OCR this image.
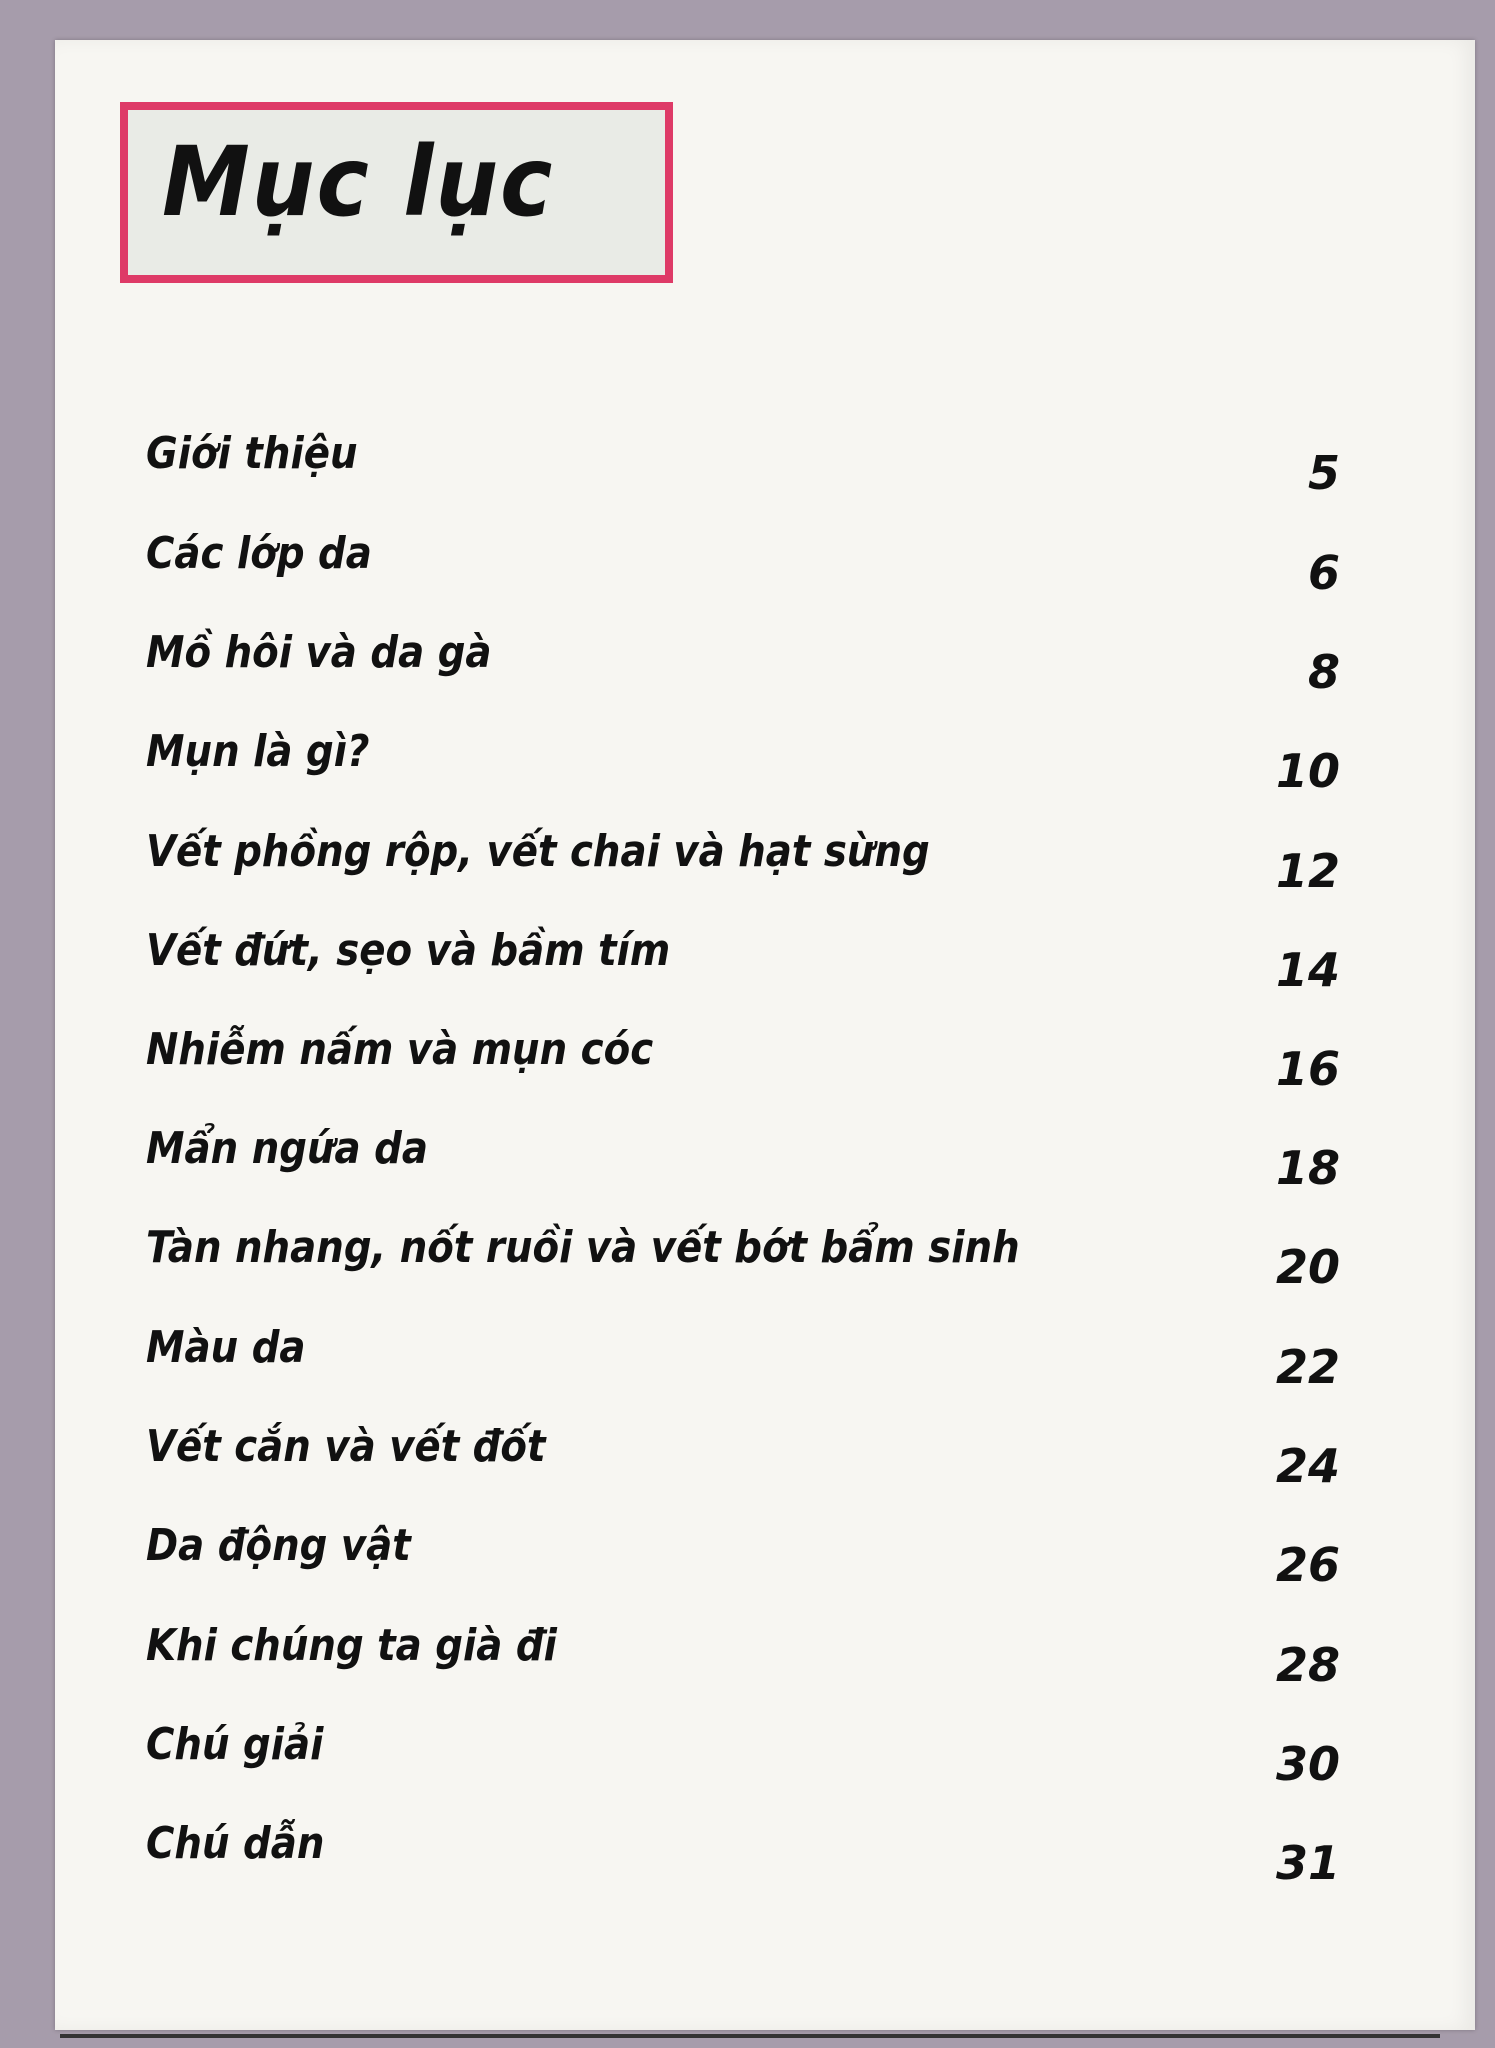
Mục lục
Giới thiệu	5
Các lớp da	6
Mồ hôi và da gà	8
Mụn là gì?	10
Vết phồng rộp, vết chai và hạt sừng	12
Vết đứt, sẹo và bầm tím	14
Nhiễm nấm và mụn cóc	16
Mẩn ngứa da	18
Tàn nhang, nốt ruồi và vết bớt bẩm sinh	20
Màu da	22
Vết cắn và vết đốt	24
Da động vật	26
Khi chúng ta già đi	28
Chú giải	30
Chú dẫn	31
